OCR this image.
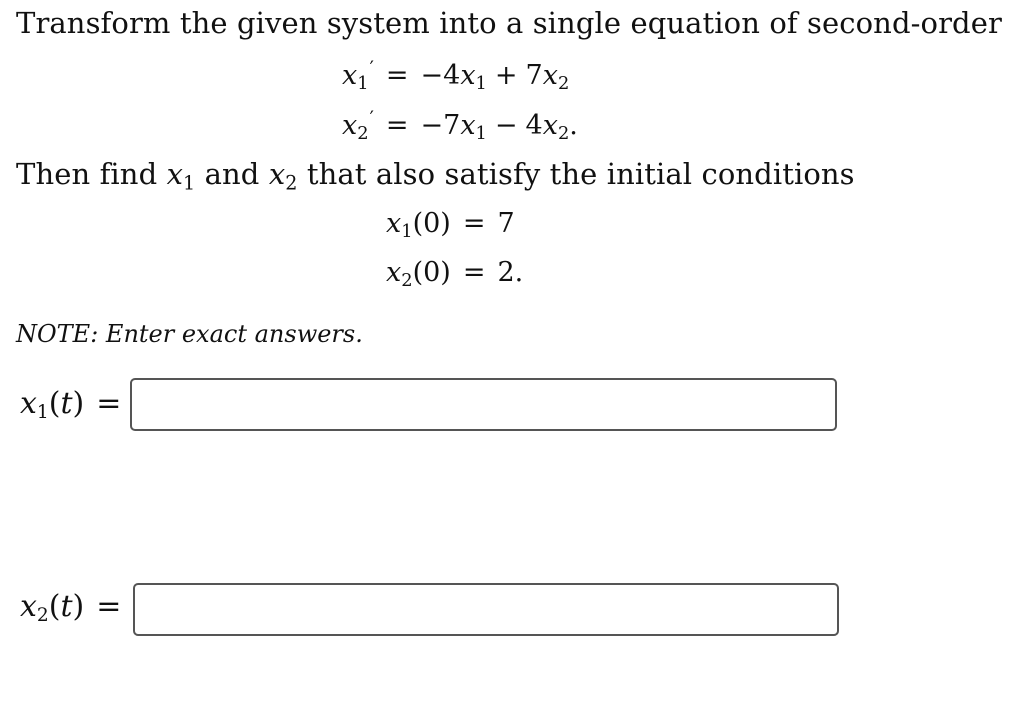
Transform the given system into a single equation of second-order
$x_1' = -4x_1 + 7x_2$
$x_2' = -7x_1 - 4x_2$.
Then find $x_1$ and $x_2$ that also satisfy the initial conditions
$x_1(0) = 7$
$x_2(0) = 2$.
NOTE: Enter exact answers.
$x_1(t)$ =
$x_2(t)$ =
